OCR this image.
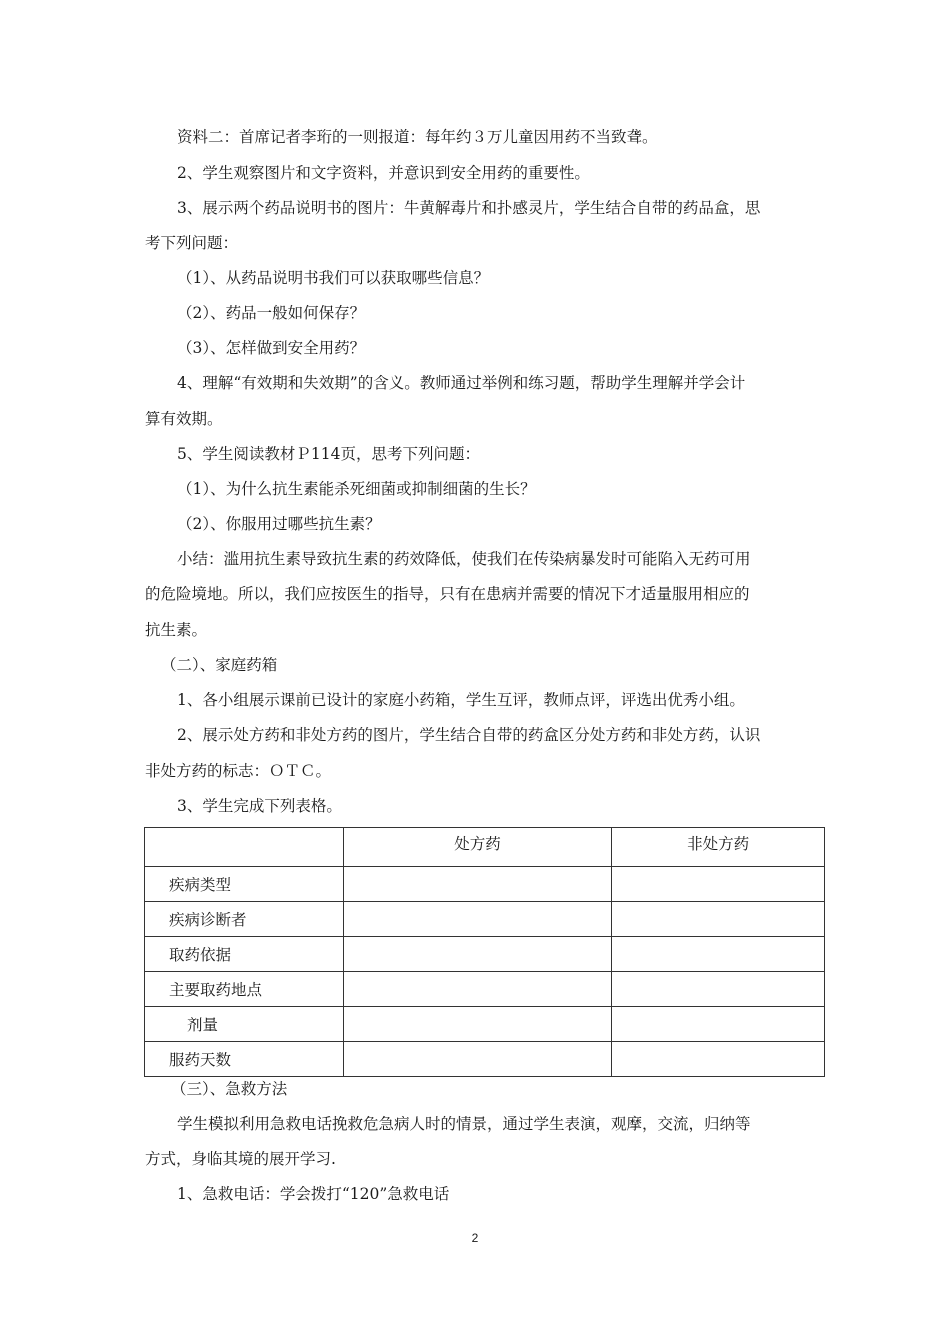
资料二：首席记者李珩的一则报道：每年约３万儿童因用药不当致聋。
2、学生观察图片和文字资料，并意识到安全用药的重要性。
3、展示两个药品说明书的图片：牛黄解毒片和扑感灵片，学生结合自带的药品盒，思
考下列问题：
（1）、从药品说明书我们可以获取哪些信息？
（2）、药品一般如何保存？
（3）、怎样做到安全用药？
4、理解“有效期和失效期”的含义。教师通过举例和练习题，帮助学生理解并学会计
算有效期。
5、学生阅读教材Ｐ114页，思考下列问题：
（1）、为什么抗生素能杀死细菌或抑制细菌的生长？
（2）、你服用过哪些抗生素？
小结：滥用抗生素导致抗生素的药效降低，使我们在传染病暴发时可能陷入无药可用
的危险境地。所以，我们应按医生的指导，只有在患病并需要的情况下才适量服用相应的
抗生素。
（二）、家庭药箱
1、各小组展示课前已设计的家庭小药箱，学生互评，教师点评，评选出优秀小组。
2、展示处方药和非处方药的图片，学生结合自带的药盒区分处方药和非处方药，认识
非处方药的标志：ＯＴＣ。
3、学生完成下列表格。
	处方药	非处方药
疾病类型		
疾病诊断者		
取药依据		
主要取药地点		
剂量		
服药天数		
（三）、急救方法
学生模拟利用急救电话挽救危急病人时的情景，通过学生表演，观摩，交流，归纳等
方式，身临其境的展开学习.
1、急救电话：学会拨打“120”急救电话
2
